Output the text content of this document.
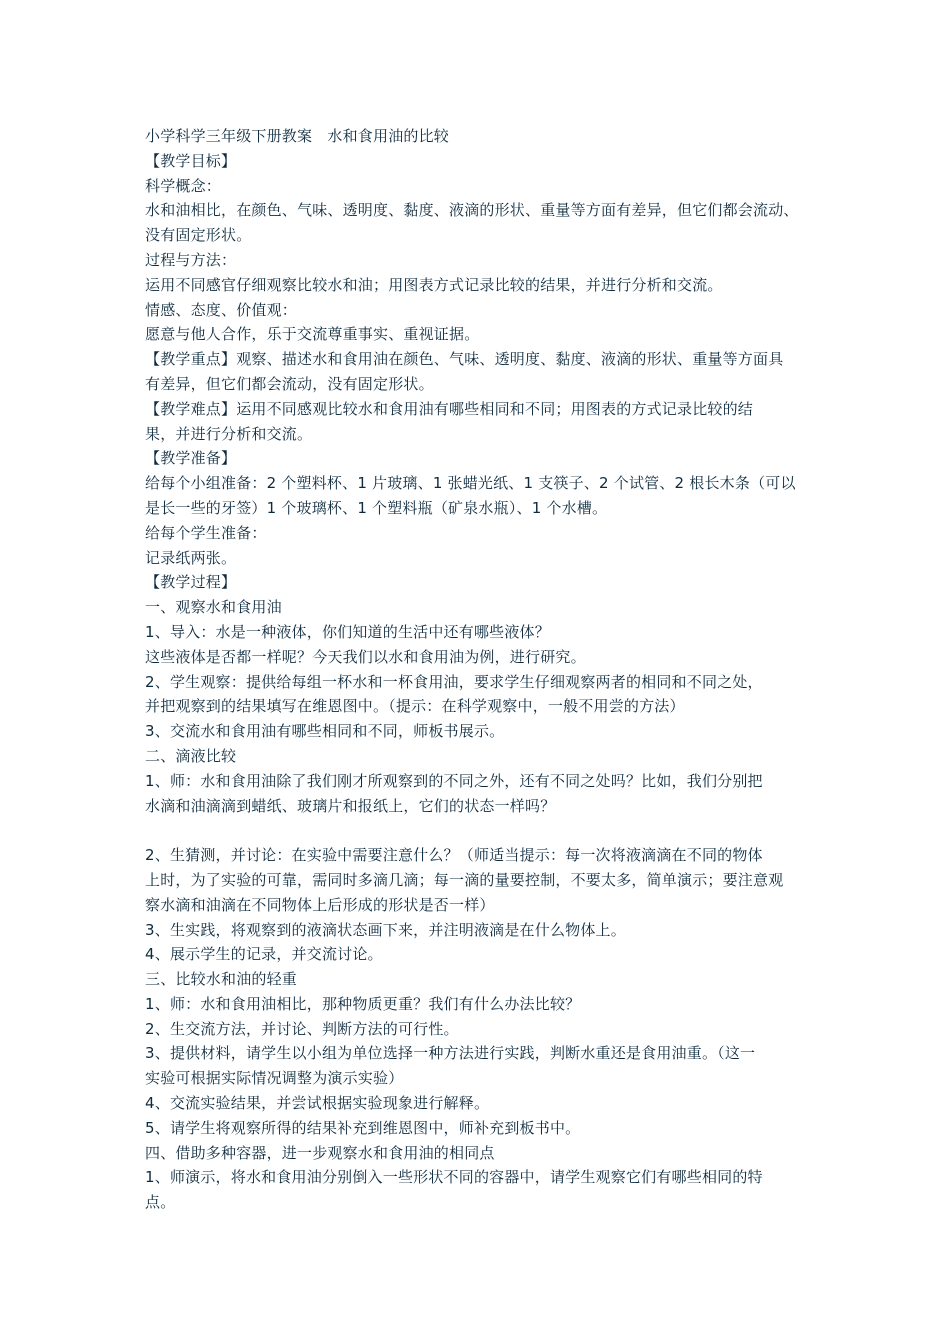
小学科学三年级下册教案　水和食用油的比较
【教学目标】
科学概念：
水和油相比，在颜色、气味、透明度、黏度、液滴的形状、重量等方面有差异，但它们都会流动、
没有固定形状。
过程与方法：
运用不同感官仔细观察比较水和油；用图表方式记录比较的结果，并进行分析和交流。
情感、态度、价值观：
愿意与他人合作，乐于交流尊重事实、重视证据。
【教学重点】观察、描述水和食用油在颜色、气味、透明度、黏度、液滴的形状、重量等方面具
有差异，但它们都会流动，没有固定形状。
【教学难点】运用不同感观比较水和食用油有哪些相同和不同；用图表的方式记录比较的结
果，并进行分析和交流。
【教学准备】
给每个小组准备：2 个塑料杯、1 片玻璃、1 张蜡光纸、1 支筷子、2 个试管、2 根长木条（可以
是长一些的牙签）1 个玻璃杯、1 个塑料瓶（矿泉水瓶）、1 个水槽。
给每个学生准备：
记录纸两张。
【教学过程】
一、观察水和食用油
1、导入：水是一种液体，你们知道的生活中还有哪些液体？
这些液体是否都一样呢？今天我们以水和食用油为例，进行研究。
2、学生观察：提供给每组一杯水和一杯食用油，要求学生仔细观察两者的相同和不同之处，
并把观察到的结果填写在维恩图中。（提示：在科学观察中，一般不用尝的方法）
3、交流水和食用油有哪些相同和不同，师板书展示。
二、滴液比较
1、师：水和食用油除了我们刚才所观察到的不同之外，还有不同之处吗？比如，我们分别把
水滴和油滴滴到蜡纸、玻璃片和报纸上，它们的状态一样吗？
2、生猜测，并讨论：在实验中需要注意什么？（师适当提示：每一次将液滴滴在不同的物体
上时，为了实验的可靠，需同时多滴几滴；每一滴的量要控制，不要太多，简单演示；要注意观
察水滴和油滴在不同物体上后形成的形状是否一样）
3、生实践，将观察到的液滴状态画下来，并注明液滴是在什么物体上。
4、展示学生的记录，并交流讨论。
三、比较水和油的轻重
1、师：水和食用油相比，那种物质更重？我们有什么办法比较？
2、生交流方法，并讨论、判断方法的可行性。
3、提供材料，请学生以小组为单位选择一种方法进行实践，判断水重还是食用油重。（这一
实验可根据实际情况调整为演示实验）
4、交流实验结果，并尝试根据实验现象进行解释。
5、请学生将观察所得的结果补充到维恩图中，师补充到板书中。
四、借助多种容器，进一步观察水和食用油的相同点
1、师演示，将水和食用油分别倒入一些形状不同的容器中，请学生观察它们有哪些相同的特
点。
